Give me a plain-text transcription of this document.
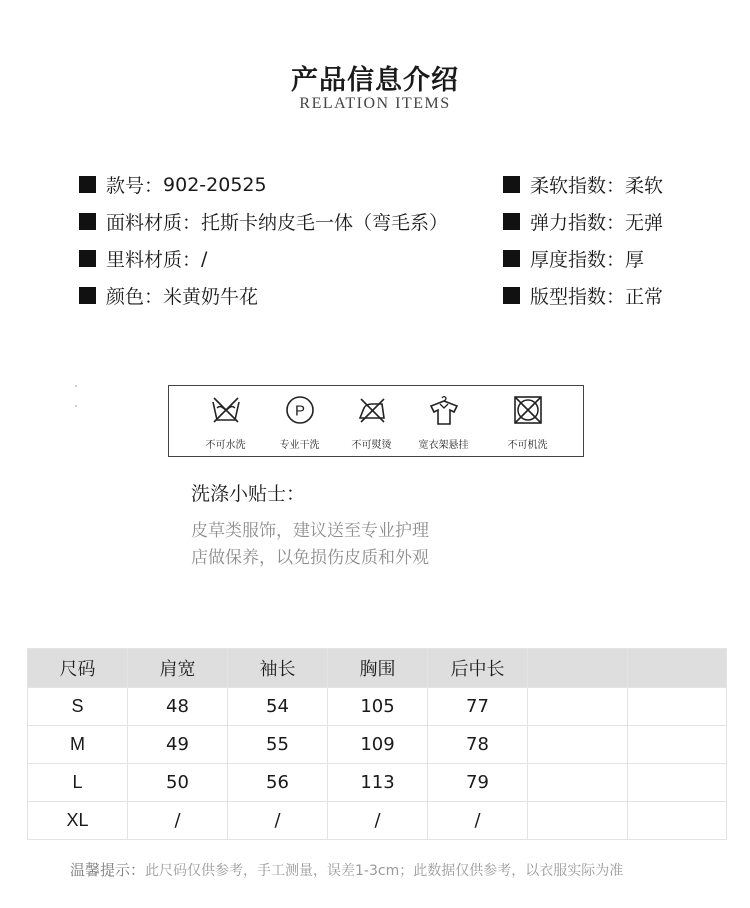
产品信息介绍
RELATION ITEMS
款号： 902-20525
面料材质： 托斯卡纳皮毛一体（弯毛系）
里料材质： /
颜色： 米黄奶牛花
柔软指数： 柔软
弹力指数： 无弹
厚度指数： 厚
版型指数： 正常
不可水洗
P
专业干洗	不可熨烫	宽衣架悬挂	不可机洗
洗涤小贴士：
皮草类服饰，建议送至专业护理
店做保养，以免损伤皮质和外观
尺码	肩宽	袖长	胸围	后中长		
S	48	54	105	77		
M	49	55	109	78		
L	50	56	113	79		
XL	/	/	/	/		
温馨提示：此尺码仅供参考，手工测量，误差1-3cm；此数据仅供参考，以衣服实际为准
